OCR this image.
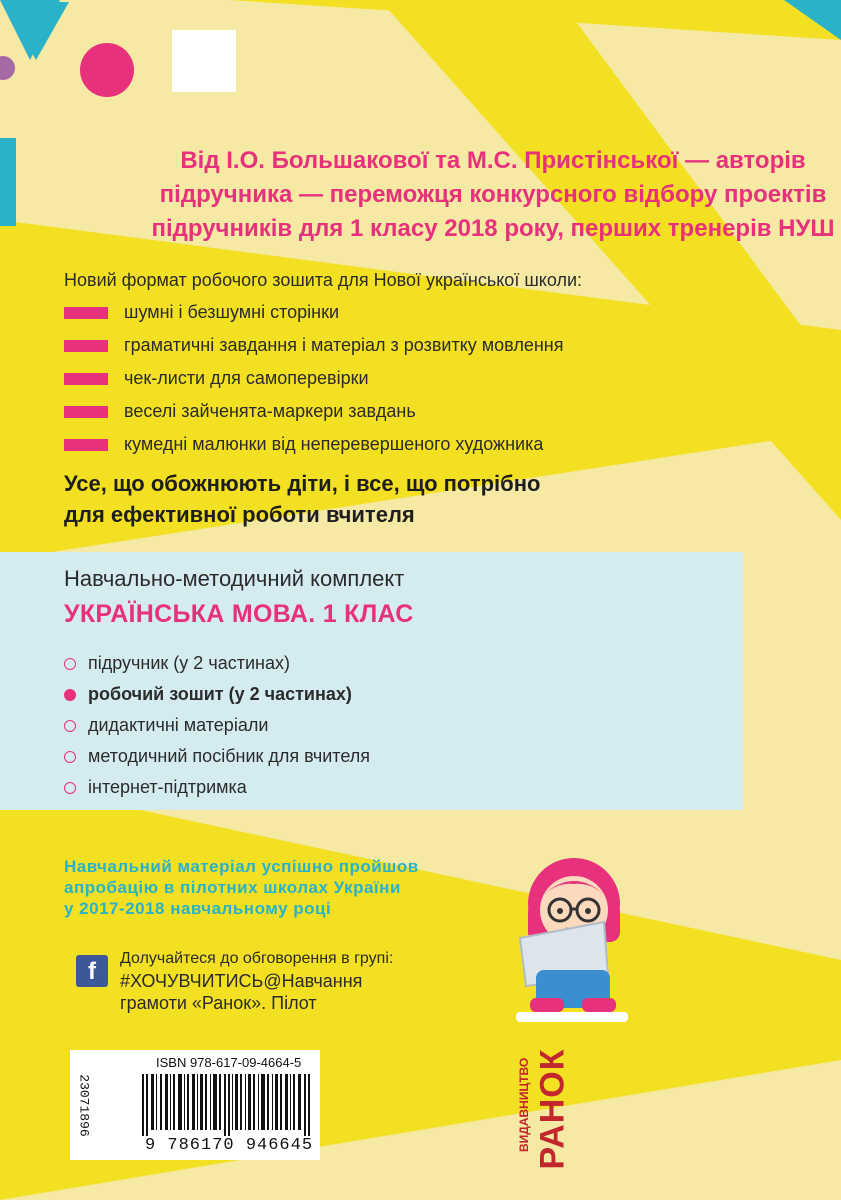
Від І.О. Большакової та М.С. Пристінської — авторів
підручника — переможця конкурсного відбору проектів
підручників для 1 класу 2018 року, перших тренерів НУШ
Новий формат робочого зошита для Нової української школи:
шумні і безшумні сторінки
граматичні завдання і матеріал з розвитку мовлення
чек-листи для самоперевірки
веселі зайченята-маркери завдань
кумедні малюнки від неперевершеного художника
Усе, що обожнюють діти, і все, що потрібно
для ефективної роботи вчителя
Навчально-методичний комплект
УКРАЇНСЬКА МОВА. 1 КЛАС
підручник (у 2 частинах)
робочий зошит (у 2 частинах)
дидактичні матеріали
методичний посібник для вчителя
інтернет-підтримка
Навчальний матеріал успішно пройшов
апробацію в пілотних школах України
у 2017-2018 навчальному році
f	Долучайтеся до обговорення в групі:
#ХОЧУВЧИТИСЬ@Навчання
грамоти «Ранок». Пілот
23071896
ISBN 978-617-09-4664-5
9 786170 946645	ВИДАВНИЦТВО РАНОК
